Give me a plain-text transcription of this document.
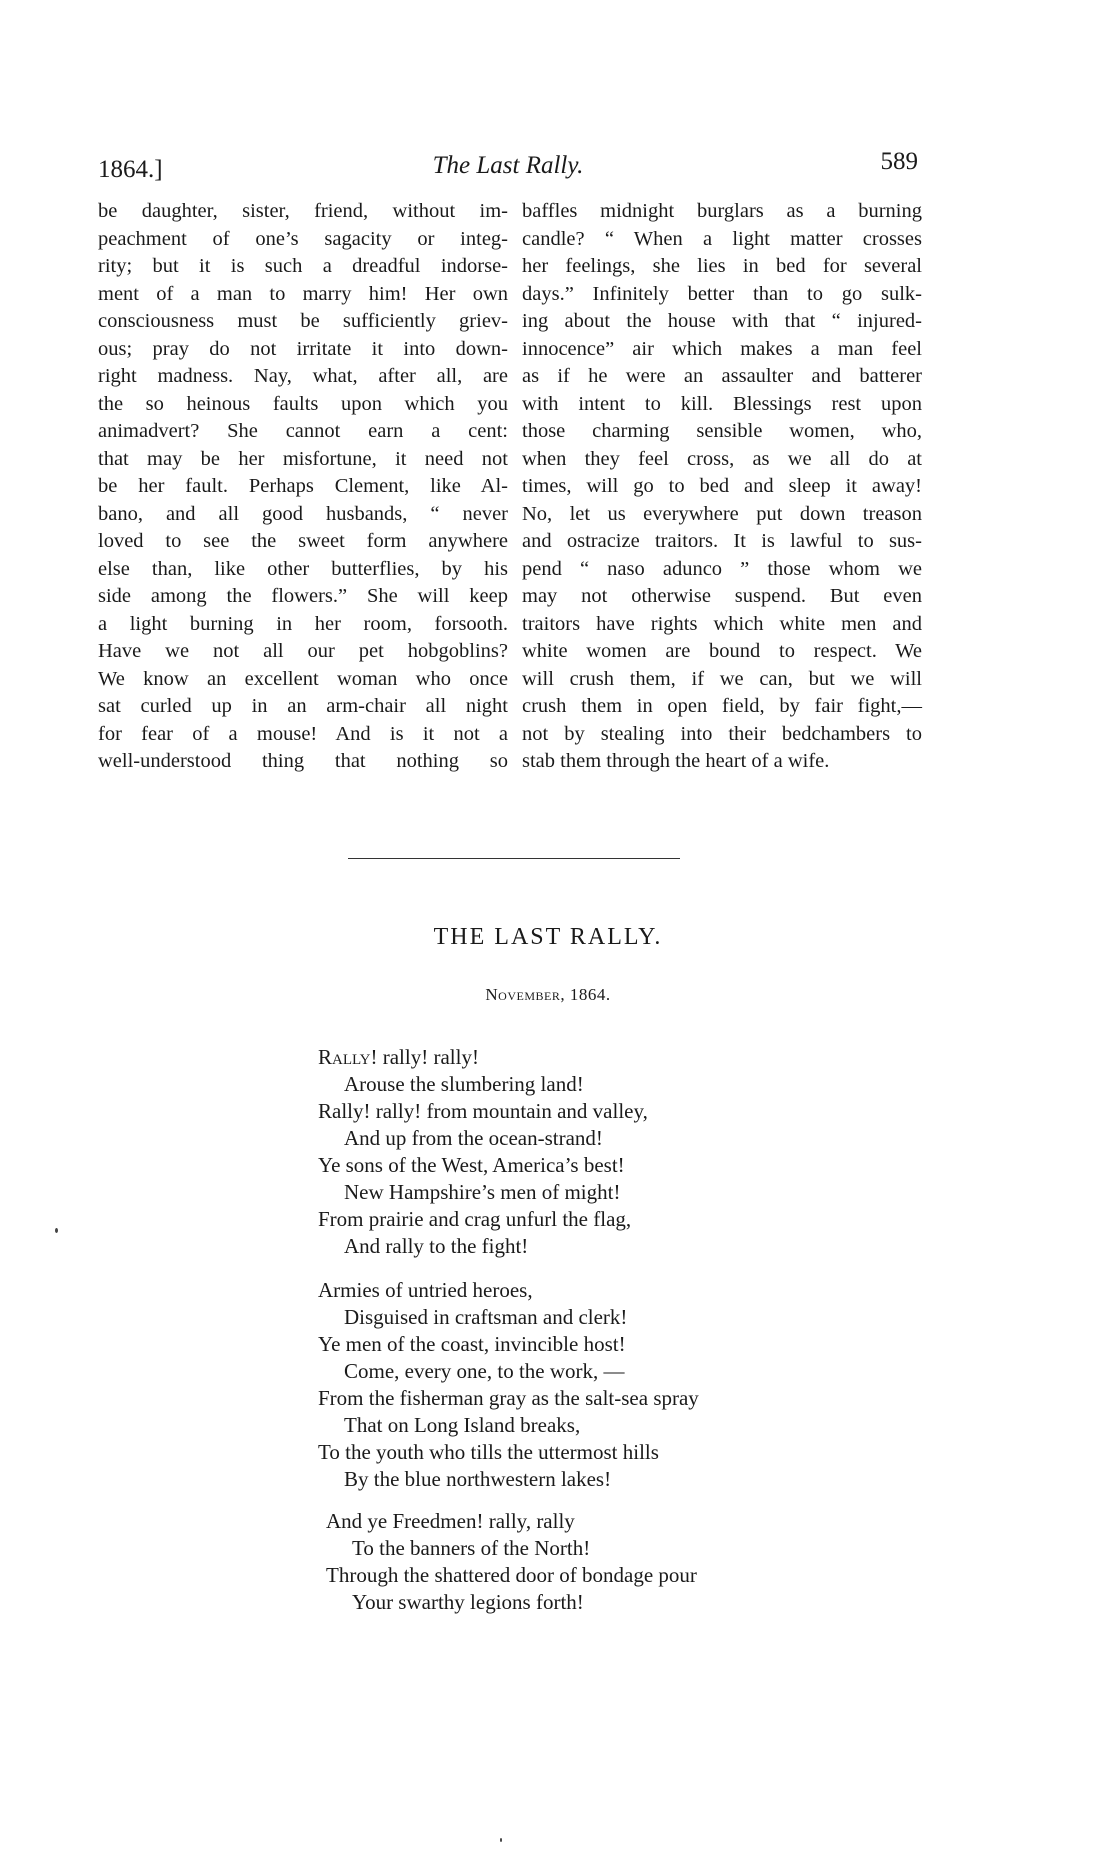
1864.]	The Last Rally.	589
be daughter, sister, friend, without im-
peachment of one’s sagacity or integ-
rity; but it is such a dreadful indorse-
ment of a man to marry him! Her own
consciousness must be sufficiently griev-
ous; pray do not irritate it into down-
right madness. Nay, what, after all, are
the so heinous faults upon which you
animadvert? She cannot earn a cent:
that may be her misfortune, it need not
be her fault. Perhaps Clement, like Al-
bano, and all good husbands, “ never
loved to see the sweet form anywhere
else than, like other butterflies, by his
side among the flowers.” She will keep
a light burning in her room, forsooth.
Have we not all our pet hobgoblins?
We know an excellent woman who once
sat curled up in an arm-chair all night
for fear of a mouse! And is it not a
well-understood thing that nothing so
baffles midnight burglars as a burning
candle? “ When a light matter crosses
her feelings, she lies in bed for several
days.” Infinitely better than to go sulk-
ing about the house with that “ injured-
innocence” air which makes a man feel
as if he were an assaulter and batterer
with intent to kill. Blessings rest upon
those charming sensible women, who,
when they feel cross, as we all do at
times, will go to bed and sleep it away!
No, let us everywhere put down treason
and ostracize traitors. It is lawful to sus-
pend “ naso adunco ” those whom we
may not otherwise suspend. But even
traitors have rights which white men and
white women are bound to respect. We
will crush them, if we can, but we will
crush them in open field, by fair fight,—
not by stealing into their bedchambers to
stab them through the heart of a wife.
THE LAST RALLY.
November, 1864.
Rally! rally! rally!
Arouse the slumbering land!
Rally! rally! from mountain and valley,
And up from the ocean-strand!
Ye sons of the West, America’s best!
New Hampshire’s men of might!
From prairie and crag unfurl the flag,
And rally to the fight!
Armies of untried heroes,
Disguised in craftsman and clerk!
Ye men of the coast, invincible host!
Come, every one, to the work, —
From the fisherman gray as the salt-sea spray
That on Long Island breaks,
To the youth who tills the uttermost hills
By the blue northwestern lakes!
And ye Freedmen! rally, rally
To the banners of the North!
Through the shattered door of bondage pour
Your swarthy legions forth!
